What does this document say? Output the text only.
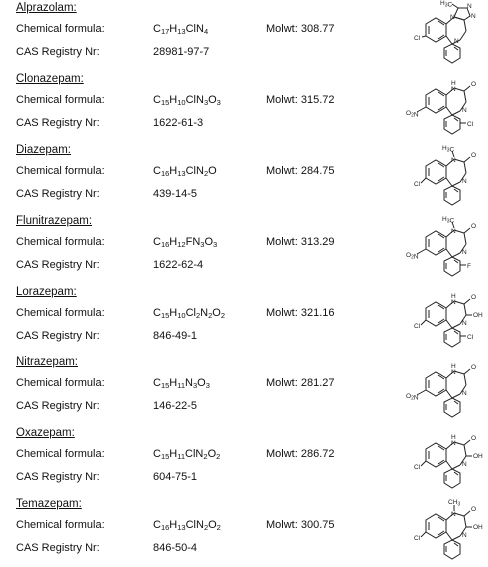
Alprazolam:
Chemical formula:	$C_{17}H_{13}ClN_4$	Molwt: 308.77
CAS Registry Nr:	28981-97-7
$H_3C$ N
N
N
Cl	N
Clonazepam:
Chemical formula:	$C_{15}H_{10}ClN_3O_3$	Molwt: 315.72
CAS Registry Nr:	1622-61-3
H
N
O
$O_2N$
N
Cl
Diazepam:
Chemical formula:	$C_{16}H_{13}ClN_2O$	Molwt: 284.75
CAS Registry Nr:	439-14-5
$H_3C$
N
O
Cl	N
Flunitrazepam:
Chemical formula:	$C_{16}H_{12}FN_3O_3$	Molwt: 313.29
CAS Registry Nr:	1622-62-4
$H_3C$
N
O
$O_2N$
N
F
Lorazepam:
Chemical formula:	$C_{15}H_{10}Cl_2N_2O_2$	Molwt: 321.16
CAS Registry Nr:	846-49-1
H
N
O
OH
Cl	N
Cl
Nitrazepam:
Chemical formula:	$C_{15}H_{11}N_3O_3$	Molwt: 281.27
CAS Registry Nr:	146-22-5
H
N
O
$O_2N$
N
Oxazepam:
Chemical formula:	$C_{15}H_{11}ClN_2O_2$	Molwt: 286.72
CAS Registry Nr:	604-75-1
H
N
O
OH
Cl	N
Temazepam:
Chemical formula:	$C_{16}H_{13}ClN_2O_2$	Molwt: 300.75
CAS Registry Nr:	846-50-4
$CH_3$
N
O
OH
Cl	N
